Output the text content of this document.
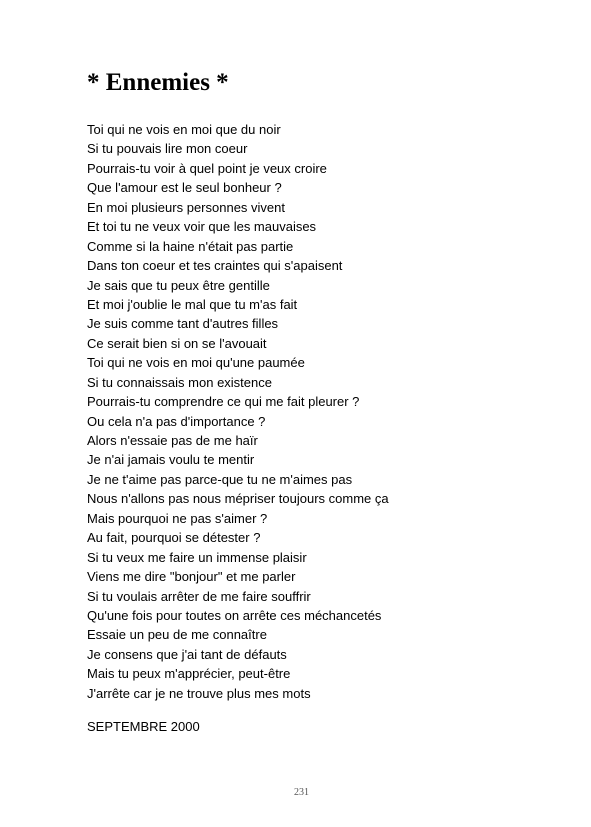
* Ennemies *
Toi qui ne vois en moi que du noir
Si tu pouvais lire mon coeur
Pourrais-tu voir à quel point je veux croire
Que l'amour est le seul bonheur ?
En moi plusieurs personnes vivent
Et toi tu ne veux voir que les mauvaises
Comme si la haine n'était pas partie
Dans ton coeur et tes craintes qui s'apaisent
Je sais que tu peux être gentille
Et moi j'oublie le mal que tu m'as fait
Je suis comme tant d'autres filles
Ce serait bien si on se l'avouait
Toi qui ne vois en moi qu'une paumée
Si tu connaissais mon existence
Pourrais-tu comprendre ce qui me fait pleurer ?
Ou cela n'a pas d'importance ?
Alors n'essaie pas de me haïr
Je n'ai jamais voulu te mentir
Je ne t'aime pas parce-que tu ne m'aimes pas
Nous n'allons pas nous mépriser toujours comme ça
Mais pourquoi ne pas s'aimer ?
Au fait, pourquoi se détester ?
Si tu veux me faire un immense plaisir
Viens me dire "bonjour" et me parler
Si tu voulais arrêter de me faire souffrir
Qu'une fois pour toutes on arrête ces méchancetés
Essaie un peu de me connaître
Je consens que j'ai tant de défauts
Mais tu peux m'apprécier, peut-être
J'arrête car je ne trouve plus mes mots

SEPTEMBRE 2000

231
